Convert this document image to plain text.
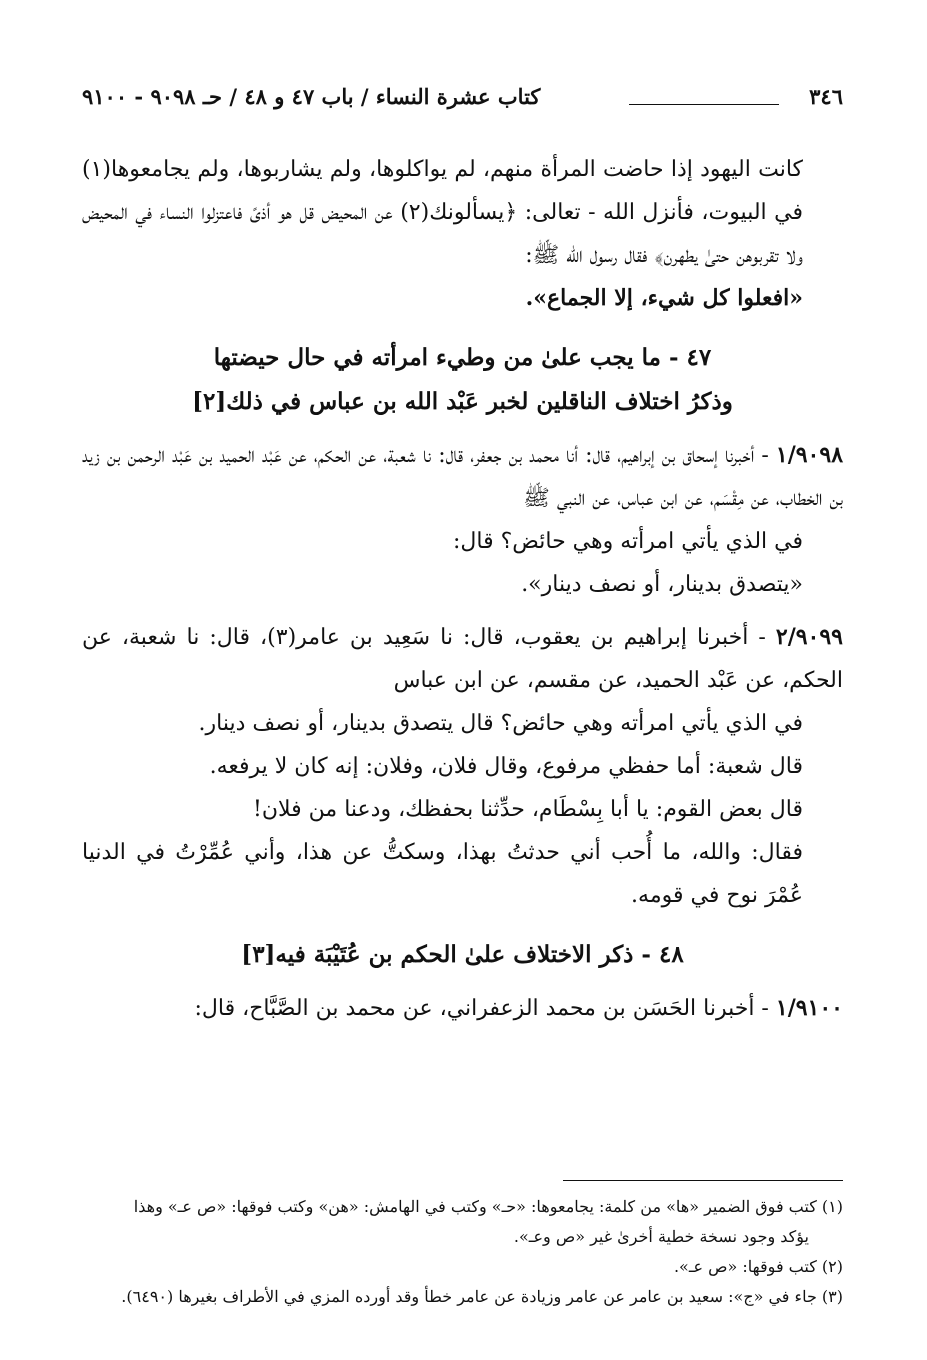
٣٤٦
كتاب عشرة النساء / باب ٤٧ و ٤٨ / حـ ٩٠٩٨ - ٩١٠٠

كانت اليهود إذا حاضت المرأة منهم، لم يواكلوها، ولم يشاربوها، ولم يجامعوها(١) في البيوت، فأنزل الله - تعالى: ﴿يسألونك(٢) عن المحيض قل هو أذىً فاعتزلوا النساء في المحيض ولا تقربوهن حتىٰ يطهرن﴾ فقال رسول الله ﷺ:

«افعلوا كل شيء، إلا الجماع».

٤٧ - ما يجب علىٰ من وطيء امرأته في حال حيضتها

وذكرُ اختلاف الناقلين لخبر عَبْد الله بن عباس في ذلك[٢]

١/٩٠٩٨ - أخبرنا إسحاق بن إبراهيم، قال: أنا محمد بن جعفر، قال: نا شعبة، عن الحكم، عن عَبْد الحميد بن عَبْد الرحمن بن زيد بن الخطاب، عن مِقْسَم، عن ابن عباس، عن النبي ﷺ

في الذي يأتي امرأته وهي حائض؟ قال:

«يتصدق بدينار، أو نصف دينار».

٢/٩٠٩٩ - أخبرنا إبراهيم بن يعقوب، قال: نا سَعِيد بن عامر(٣)، قال: نا شعبة، عن الحكم، عن عَبْد الحميد، عن مقسم، عن ابن عباس

في الذي يأتي امرأته وهي حائض؟ قال يتصدق بدينار، أو نصف دينار.

قال شعبة: أما حفظي مرفوع، وقال فلان، وفلان: إنه كان لا يرفعه.

قال بعض القوم: يا أبا بِسْطَام، حدِّثنا بحفظك، ودعنا من فلان!

فقال: والله، ما أُحب أني حدثتُ بهذا، وسكتُّ عن هذا، وأني عُمِّرْتُ في الدنيا عُمْرَ نوح في قومه.

٤٨ - ذكر الاختلاف علىٰ الحكم بن عُتَيْبَة فيه[٣]

١/٩١٠٠ - أخبرنا الحَسَن بن محمد الزعفراني، عن محمد بن الصَّبَّاح، قال:

(١) كتب فوق الضمير «ها» من كلمة: يجامعوها: «حـ» وكتب في الهامش: «هن» وكتب فوقها: «ص عـ» وهذا

يؤكد وجود نسخة خطية أخرىٰ غير «ص وعـ».

(٢) كتب فوقها: «ص عـ».

(٣) جاء في «ج»: سعيد بن عامر عن عامر وزيادة عن عامر خطأ وقد أورده المزي في الأطراف بغيرها (٦٤٩٠).
